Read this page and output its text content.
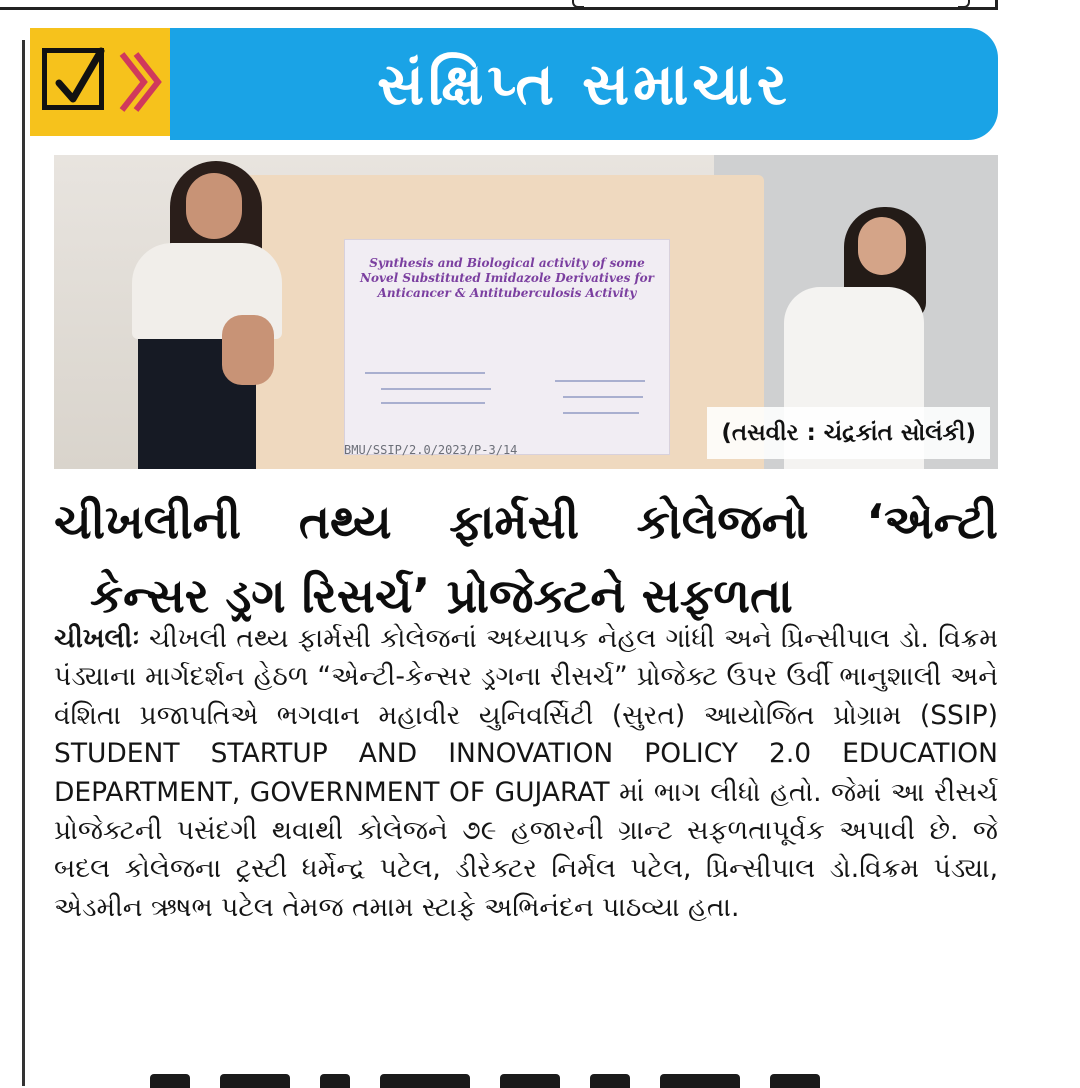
સંક્ષિપ્ત સમાચાર
Synthesis and Biological activity of some Novel Substituted Imidazole Derivatives for Anticancer & Antituberculosis Activity
BMU/SSIP/2.0/2023/P-3/14
(તસવીર : ચંદ્રકાંત સોલંકી)
ચીખલીની તથ્ય ફાર્મસી કોલેજનો ‘એન્ટી
કેન્સર ડ્રગ રિસર્ચ’ પ્રોજેક્ટને સફળતા
ચીખલીઃ ચીખલી તથ્ય ફાર્મસી કોલેજનાં અધ્યાપક નેહલ ગાંધી અને પ્રિન્સીપાલ ડો. વિક્રમ પંડ્યાના માર્ગદર્શન હેઠળ “એન્ટી-કેન્સર ડ્રગના રીસર્ચ” પ્રોજેક્ટ ઉપર ઉર્વી ભાનુશાલી અને વંશિતા પ્રજાપતિએ ભગવાન મહાવીર યુનિવર્સિટી (સુરત) આયોજિત પ્રોગ્રામ (SSIP) STUDENT STARTUP AND INNOVATION POLICY 2.0 EDUCATION DEPARTMENT, GOVERNMENT OF GUJARAT માં ભાગ લીધો હતો. જેમાં આ રીસર્ચ પ્રોજેક્ટની પસંદગી થવાથી કોલેજને ૭૯ હજારની ગ્રાન્ટ સફળતાપૂર્વક અપાવી છે. જે બદલ કોલેજના ટ્રસ્ટી ધર્મેન્દ્ર પટેલ, ડીરેક્ટર નિર્મલ પટેલ, પ્રિન્સીપાલ ડો.વિક્રમ પંડ્યા, એડમીન ઋષભ પટેલ તેમજ તમામ સ્ટાફે અભિનંદન પાઠવ્યા હતા.
